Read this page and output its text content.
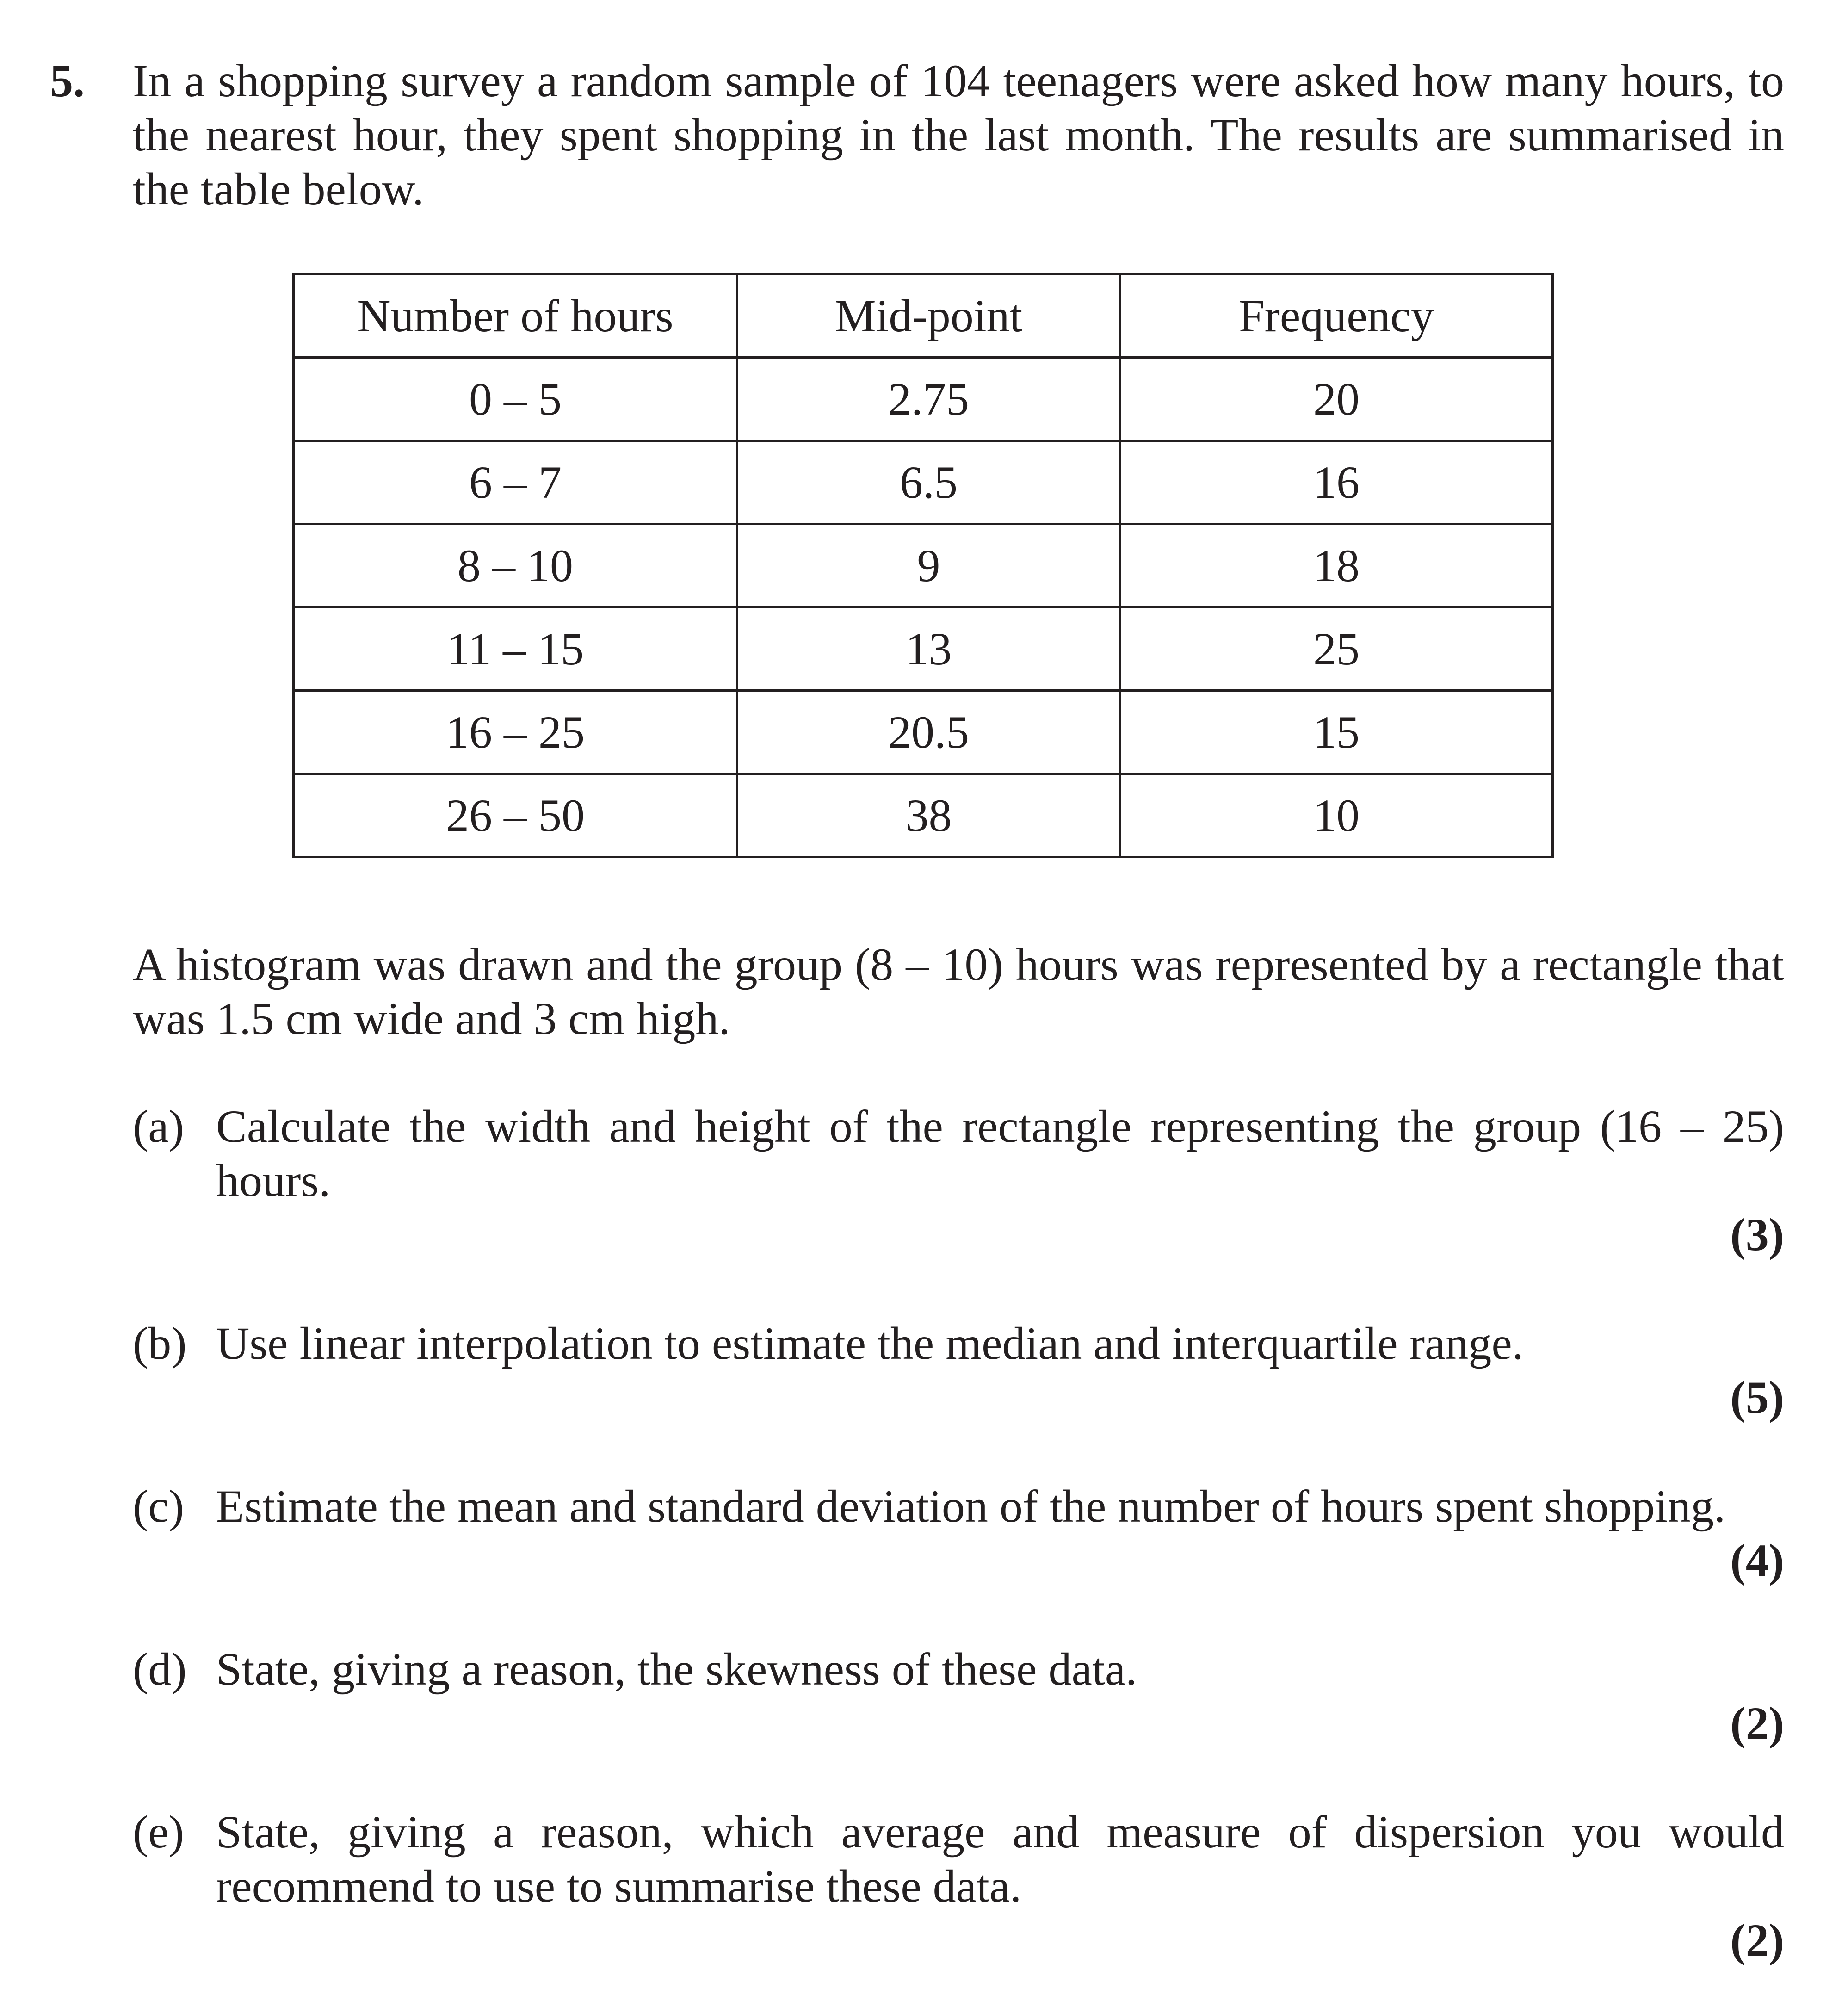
5. In a shopping survey a random sample of 104 teenagers were asked how many hours, to the nearest hour, they spent shopping in the last month. The results are summarised in the table below.
Number of hours	Mid-point	Frequency
0 – 5	2.75	20
6 – 7	6.5	16
8 – 10	9	18
11 – 15	13	25
16 – 25	20.5	15
26 – 50	38	10
A histogram was drawn and the group (8 – 10) hours was represented by a rectangle that was 1.5 cm wide and 3 cm high.
(a) Calculate the width and height of the rectangle representing the group (16 – 25) hours.
(3)
(b) Use linear interpolation to estimate the median and interquartile range.
(5)
(c) Estimate the mean and standard deviation of the number of hours spent shopping.
(4)
(d) State, giving a reason, the skewness of these data.
(2)
(e) State, giving a reason, which average and measure of dispersion you would recommend to use to summarise these data.
(2)
